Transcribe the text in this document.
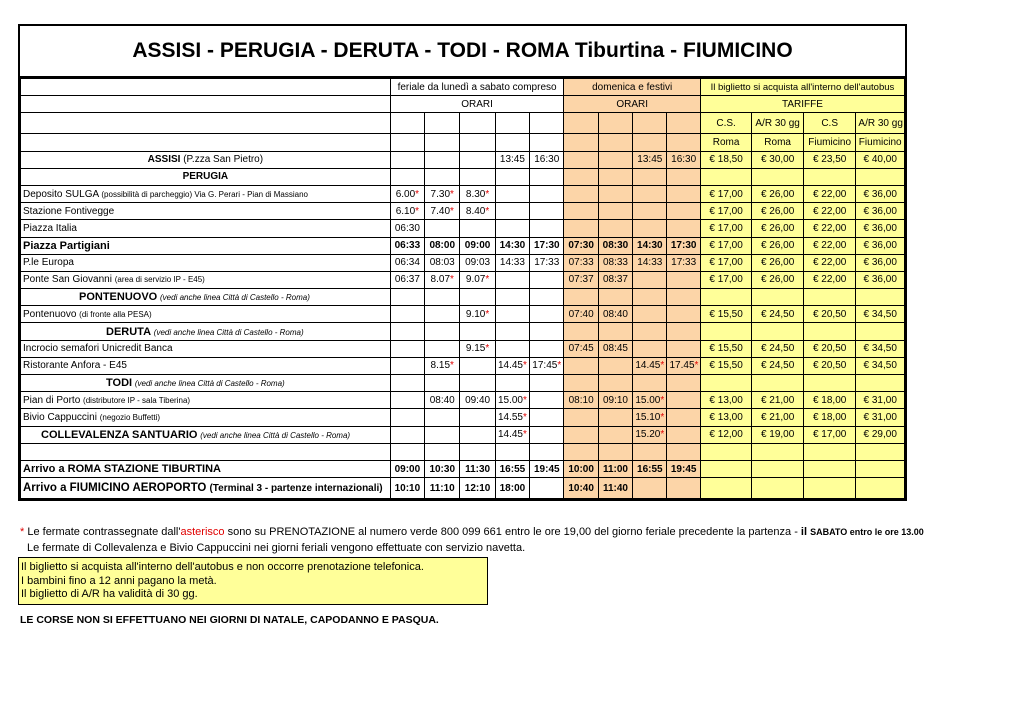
ASSISI - PERUGIA - DERUTA - TODI - ROMA Tiburtina - FIUMICINO
	feriale da lunedì a sabato compreso					domenica e festivi				Il biglietto si acquista all'interno dell'autobus			
	ORARI					ORARI				TARIFFE			
										C.S.	A/R 30 gg	C.S	A/R 30 gg
										Roma	Roma	Fiumicino	Fiumicino
ASSISI (P.zza San Pietro)				13:45	16:30			13:45	16:30	€ 18,50	€ 30,00	€ 23,50	€ 40,00
PERUGIA													
Deposito SULGA (possibilità di parcheggio) Via G. Perari - Pian di Massiano	6.00*	7.30*	8.30*							€ 17,00	€ 26,00	€ 22,00	€ 36,00
Stazione Fontivegge	6.10*	7.40*	8.40*							€ 17,00	€ 26,00	€ 22,00	€ 36,00
Piazza Italia	06:30									€ 17,00	€ 26,00	€ 22,00	€ 36,00
Piazza Partigiani	06:33	08:00	09:00	14:30	17:30	07:30	08:30	14:30	17:30	€ 17,00	€ 26,00	€ 22,00	€ 36,00
P.le Europa	06:34	08:03	09:03	14:33	17:33	07:33	08:33	14:33	17:33	€ 17,00	€ 26,00	€ 22,00	€ 36,00
Ponte San Giovanni (area di servizio IP - E45)	06:37	8.07*	9.07*			07:37	08:37			€ 17,00	€ 26,00	€ 22,00	€ 36,00
PONTENUOVO (vedi anche linea Città di Castello - Roma)													
Pontenuovo (di fronte alla PESA)			9.10*			07:40	08:40			€ 15,50	€ 24,50	€ 20,50	€ 34,50
DERUTA (vedi anche linea Città di Castello - Roma)													
Incrocio semafori Unicredit Banca			9.15*			07:45	08:45			€ 15,50	€ 24,50	€ 20,50	€ 34,50
Ristorante Anfora - E45		8.15*		14.45*	17:45*			14.45*	17.45*	€ 15,50	€ 24,50	€ 20,50	€ 34,50
TODI (vedi anche linea Città di Castello - Roma)													
Pian di Porto (distributore IP - sala Tiberina)		08:40	09:40	15.00*		08:10	09:10	15.00*		€ 13,00	€ 21,00	€ 18,00	€ 31,00
Bivio Cappuccini (negozio Buffetti)				14.55*				15.10*		€ 13,00	€ 21,00	€ 18,00	€ 31,00
COLLEVALENZA SANTUARIO (vedi anche linea Città di Castello - Roma)				14.45*				15.20*		€ 12,00	€ 19,00	€ 17,00	€ 29,00

Arrivo a ROMA STAZIONE TIBURTINA	09:00	10:30	11:30	16:55	19:45	10:00	11:00	16:55	19:45				
Arrivo a FIUMICINO AEROPORTO (Terminal 3 - partenze internazionali)	10:10	11:10	12:10	18:00		10:40	11:40						
* Le fermate contrassegnate dall'asterisco sono su PRENOTAZIONE al numero verde 800 099 661 entro le ore 19,00 del giorno feriale precedente la partenza - il SABATO entro le ore 13.00
Le fermate di Collevalenza e Bivio Cappuccini nei giorni feriali vengono effettuate con servizio navetta.
Il biglietto si acquista all'interno dell'autobus e non occorre prenotazione telefonica.
I bambini fino a 12 anni pagano la metà.
Il biglietto di A/R ha validità di 30 gg.
LE CORSE NON SI EFFETTUANO NEI GIORNI DI NATALE, CAPODANNO E PASQUA.
